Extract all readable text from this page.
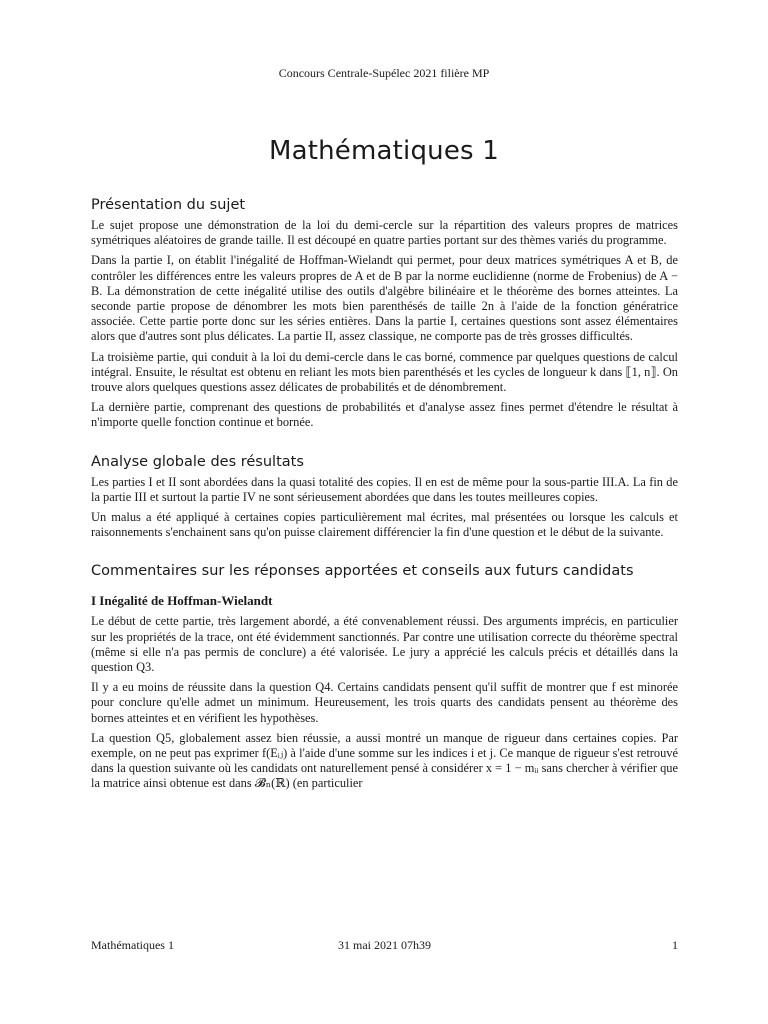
Concours Centrale-Supélec 2021 filière MP
Mathématiques 1
Présentation du sujet

Le sujet propose une démonstration de la loi du demi-cercle sur la répartition des valeurs propres de matrices symétriques aléatoires de grande taille. Il est découpé en quatre parties portant sur des thèmes variés du programme.

Dans la partie I, on établit l'inégalité de Hoffman-Wielandt qui permet, pour deux matrices symétriques A et B, de contrôler les différences entre les valeurs propres de A et de B par la norme euclidienne (norme de Frobenius) de A − B. La démonstration de cette inégalité utilise des outils d'algèbre bilinéaire et le théorème des bornes atteintes. La seconde partie propose de dénombrer les mots bien parenthésés de taille 2n à l'aide de la fonction génératrice associée. Cette partie porte donc sur les séries entières. Dans la partie I, certaines questions sont assez élémentaires alors que d'autres sont plus délicates. La partie II, assez classique, ne comporte pas de très grosses difficultés.

La troisième partie, qui conduit à la loi du demi-cercle dans le cas borné, commence par quelques questions de calcul intégral. Ensuite, le résultat est obtenu en reliant les mots bien parenthésés et les cycles de longueur k dans ⟦1, n⟧. On trouve alors quelques questions assez délicates de probabilités et de dénombrement.

La dernière partie, comprenant des questions de probabilités et d'analyse assez fines permet d'étendre le résultat à n'importe quelle fonction continue et bornée.

Analyse globale des résultats

Les parties I et II sont abordées dans la quasi totalité des copies. Il en est de même pour la sous-partie III.A. La fin de la partie III et surtout la partie IV ne sont sérieusement abordées que dans les toutes meilleures copies.

Un malus a été appliqué à certaines copies particulièrement mal écrites, mal présentées ou lorsque les calculs et raisonnements s'enchainent sans qu'on puisse clairement différencier la fin d'une question et le début de la suivante.

Commentaires sur les réponses apportées et conseils aux futurs candidats
I Inégalité de Hoffman-Wielandt

Le début de cette partie, très largement abordé, a été convenablement réussi. Des arguments imprécis, en particulier sur les propriétés de la trace, ont été évidemment sanctionnés. Par contre une utilisation correcte du théorème spectral (même si elle n'a pas permis de conclure) a été valorisée. Le jury a apprécié les calculs précis et détaillés dans la question Q3.

Il y a eu moins de réussite dans la question Q4. Certains candidats pensent qu'il suffit de montrer que f est minorée pour conclure qu'elle admet un minimum. Heureusement, les trois quarts des candidats pensent au théorème des bornes atteintes et en vérifient les hypothèses.

La question Q5, globalement assez bien réussie, a aussi montré un manque de rigueur dans certaines copies. Par exemple, on ne peut pas exprimer f(Eᵢⱼ) à l'aide d'une somme sur les indices i et j. Ce manque de rigueur s'est retrouvé dans la question suivante où les candidats ont naturellement pensé à considérer x = 1 − mᵢᵢ sans chercher à vérifier que la matrice ainsi obtenue est dans 𝓑ₙ(ℝ) (en particulier

Mathématiques 1	31 mai 2021 07h39	1
